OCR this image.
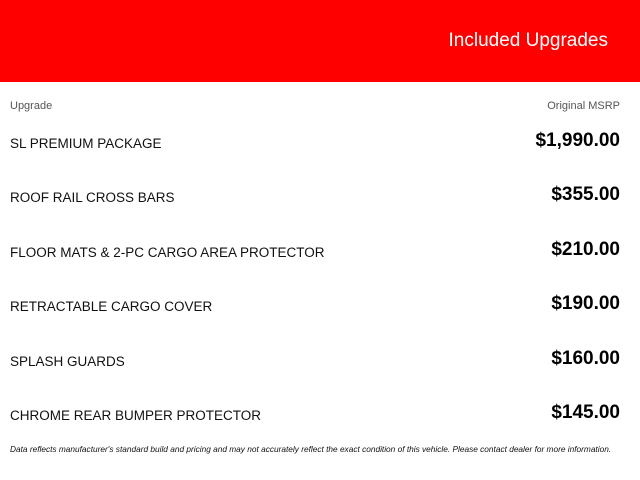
Included Upgrades
Upgrade	Original MSRP
SL PREMIUM PACKAGE	$1,990.00
ROOF RAIL CROSS BARS	$355.00
FLOOR MATS & 2-PC CARGO AREA PROTECTOR	$210.00
RETRACTABLE CARGO COVER	$190.00
SPLASH GUARDS	$160.00
CHROME REAR BUMPER PROTECTOR	$145.00
Data reflects manufacturer's standard build and pricing and may not accurately reflect the exact condition of this vehicle. Please contact dealer for more information.
